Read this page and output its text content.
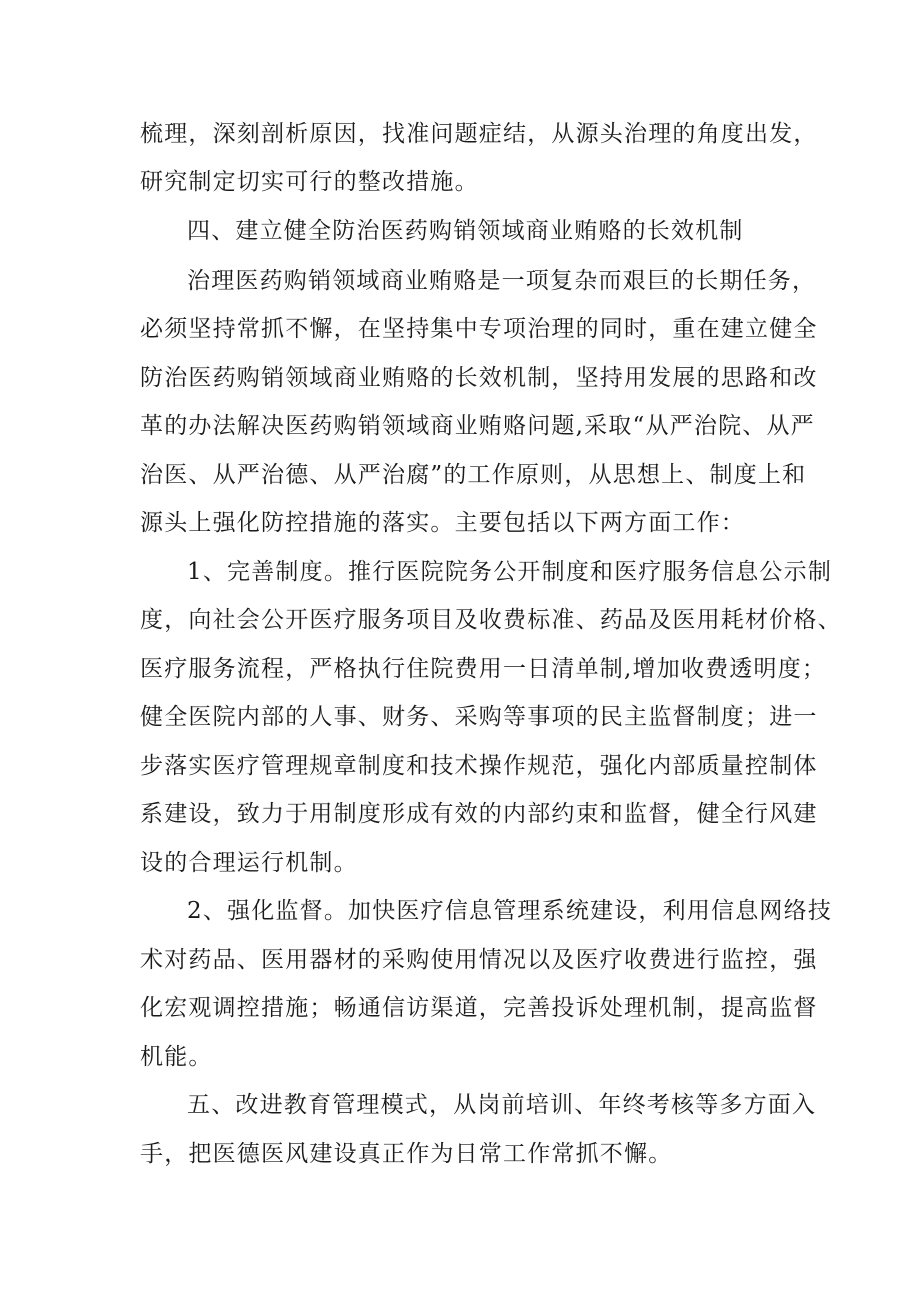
梳理，深刻剖析原因，找准问题症结，从源头治理的角度出发，
研究制定切实可行的整改措施。
四、建立健全防治医药购销领域商业贿赂的长效机制
治理医药购销领域商业贿赂是一项复杂而艰巨的长期任务，
必须坚持常抓不懈，在坚持集中专项治理的同时，重在建立健全
防治医药购销领域商业贿赂的长效机制，坚持用发展的思路和改
革的办法解决医药购销领域商业贿赂问题,采取“从严治院、从严
治医、从严治德、从严治腐”的工作原则，从思想上、制度上和
源头上强化防控措施的落实。主要包括以下两方面工作：
1、完善制度。推行医院院务公开制度和医疗服务信息公示制
度，向社会公开医疗服务项目及收费标准、药品及医用耗材价格、
医疗服务流程，严格执行住院费用一日清单制,增加收费透明度；
健全医院内部的人事、财务、采购等事项的民主监督制度；进一
步落实医疗管理规章制度和技术操作规范，强化内部质量控制体
系建设，致力于用制度形成有效的内部约束和监督，健全行风建
设的合理运行机制。
2、强化监督。加快医疗信息管理系统建设，利用信息网络技
术对药品、医用器材的采购使用情况以及医疗收费进行监控，强
化宏观调控措施；畅通信访渠道，完善投诉处理机制，提高监督
机能。
五、改进教育管理模式，从岗前培训、年终考核等多方面入
手，把医德医风建设真正作为日常工作常抓不懈。
